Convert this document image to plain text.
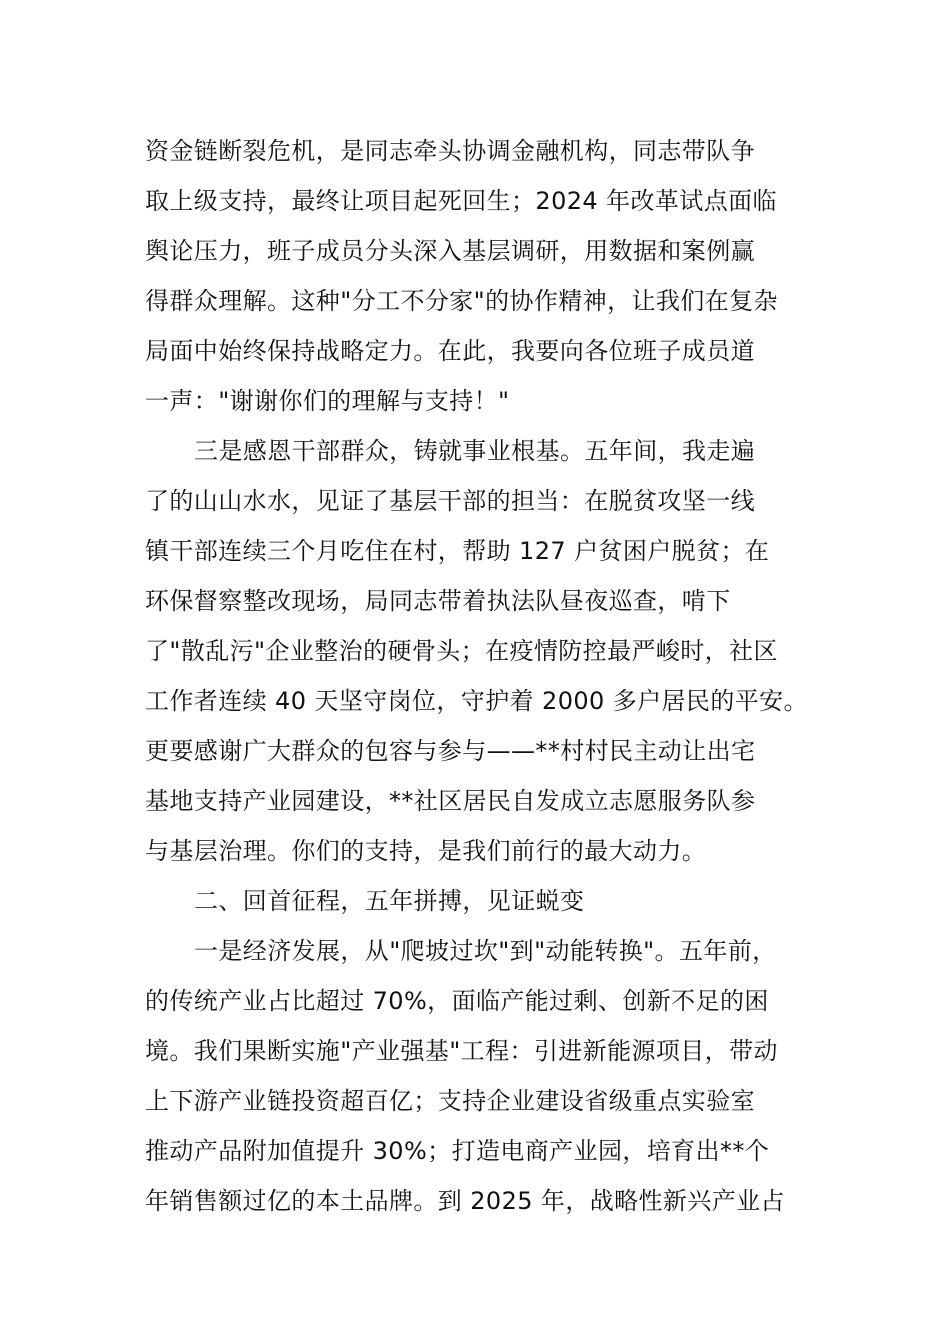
资金链断裂危机，是同志牵头协调金融机构，同志带队争
取上级支持，最终让项目起死回生；2024 年改革试点面临
舆论压力，班子成员分头深入基层调研，用数据和案例赢
得群众理解。这种"分工不分家"的协作精神，让我们在复杂
局面中始终保持战略定力。在此，我要向各位班子成员道
一声："谢谢你们的理解与支持！"
三是感恩干部群众，铸就事业根基。五年间，我走遍
了的山山水水，见证了基层干部的担当：在脱贫攻坚一线
镇干部连续三个月吃住在村，帮助 127 户贫困户脱贫；在
环保督察整改现场，局同志带着执法队昼夜巡查，啃下
了"散乱污"企业整治的硬骨头；在疫情防控最严峻时，社区
工作者连续 40 天坚守岗位，守护着 2000 多户居民的平安。
更要感谢广大群众的包容与参与——**村村民主动让出宅
基地支持产业园建设，**社区居民自发成立志愿服务队参
与基层治理。你们的支持，是我们前行的最大动力。
二、回首征程，五年拼搏，见证蜕变
一是经济发展，从"爬坡过坎"到"动能转换"。五年前，
的传统产业占比超过 70%，面临产能过剩、创新不足的困
境。我们果断实施"产业强基"工程：引进新能源项目，带动
上下游产业链投资超百亿；支持企业建设省级重点实验室
推动产品附加值提升 30%；打造电商产业园，培育出**个
年销售额过亿的本土品牌。到 2025 年，战略性新兴产业占
